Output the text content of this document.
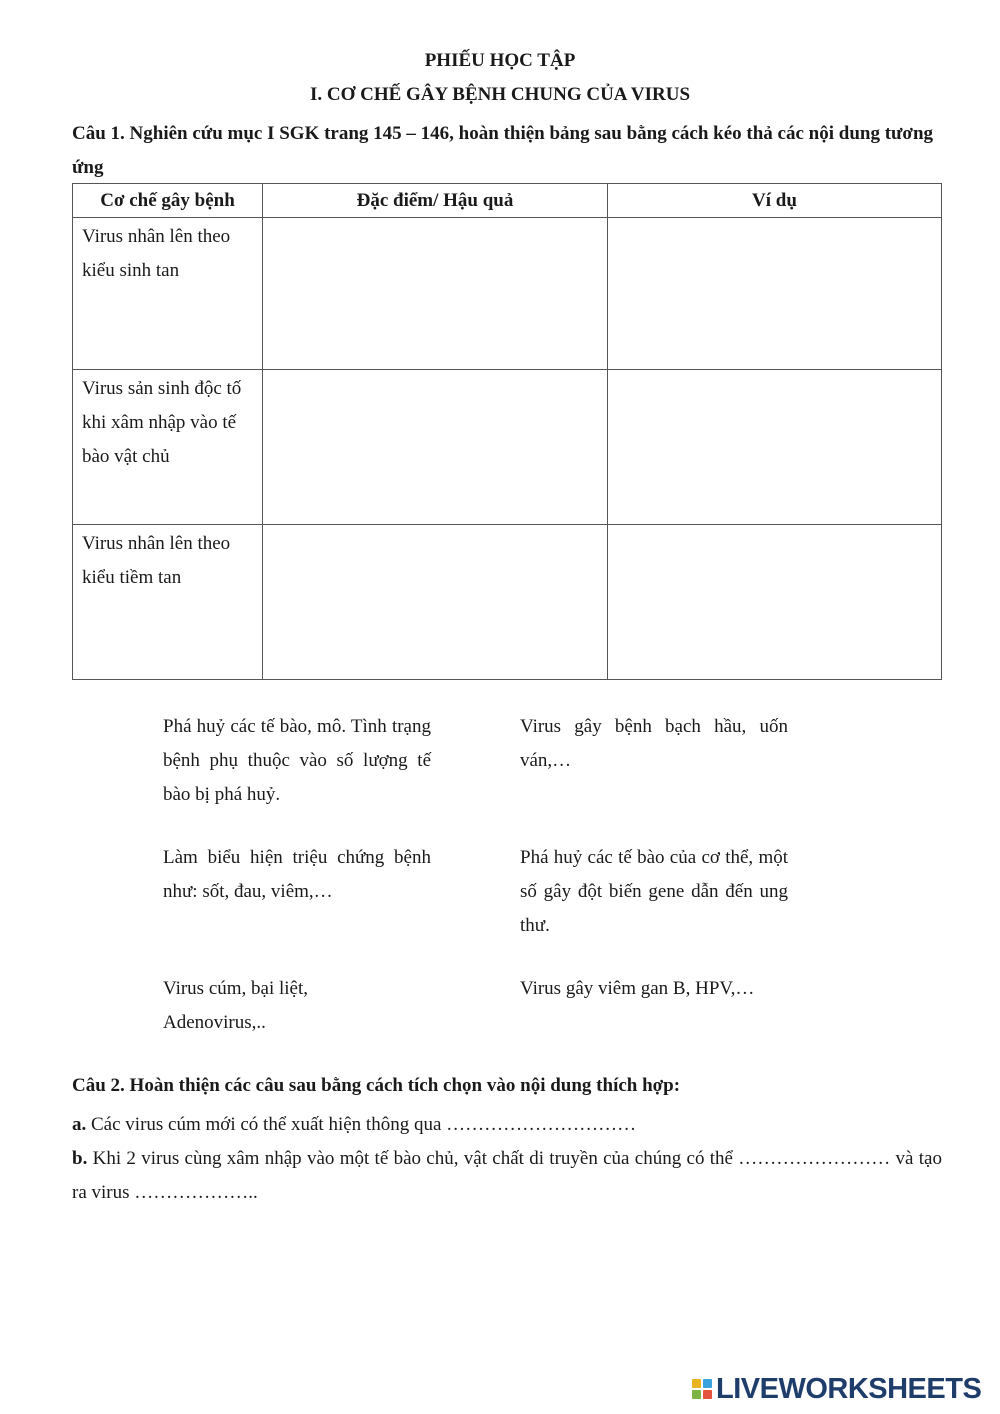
PHIẾU HỌC TẬP
I. CƠ CHẾ GÂY BỆNH CHUNG CỦA VIRUS
Câu 1. Nghiên cứu mục I SGK trang 145 – 146, hoàn thiện bảng sau bằng cách kéo thả các nội dung tương ứng
Cơ chế gây bệnh	Đặc điểm/ Hậu quả	Ví dụ
Virus nhân lên theo kiểu sinh tan		
Virus sản sinh độc tố khi xâm nhập vào tế bào vật chủ		
Virus nhân lên theo kiểu tiềm tan		
Phá huỷ các tế bào, mô. Tình trạng bệnh phụ thuộc vào số lượng tế bào bị phá huỷ.
Virus gây bệnh bạch hầu, uốn ván,…
Làm biểu hiện triệu chứng bệnh như: sốt, đau, viêm,…
Phá huỷ các tế bào của cơ thể, một số gây đột biến gene dẫn đến ung thư.
Virus cúm, bại liệt, Adenovirus,..
Virus gây viêm gan B, HPV,…
Câu 2. Hoàn thiện các câu sau bằng cách tích chọn vào nội dung thích hợp:
a. Các virus cúm mới có thể xuất hiện thông qua …………………………
b. Khi 2 virus cùng xâm nhập vào một tế bào chủ, vật chất di truyền của chúng có thể …………………… và tạo ra virus ………………..
LIVEWORKSHEETS
